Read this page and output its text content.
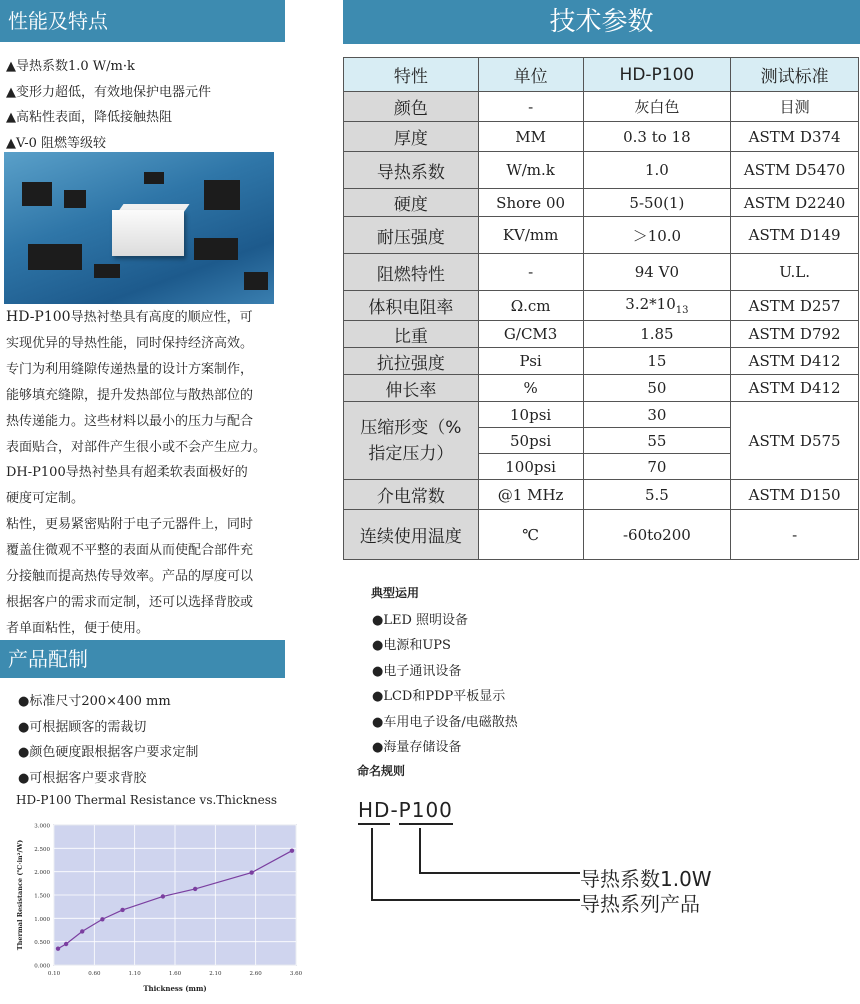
性能及特点
▲导热系数1.0 W/m·k
▲变形力超低，有效地保护电器元件
▲高粘性表面，降低接触热阻
▲V-0 阻燃等级较

HD-P100导热衬垫具有高度的顺应性，可

实现优异的导热性能，同时保持经济高效。

专门为利用缝隙传递热量的设计方案制作，

能够填充缝隙，提升发热部位与散热部位的

热传递能力。这些材料以最小的压力与配合

表面贴合，对部件产生很小或不会产生应力。

DH-P100导热衬垫具有超柔软表面极好的

硬度可定制。

粘性，更易紧密贴附于电子元器件上，同时

覆盖住微观不平整的表面从而使配合部件充

分接触而提高热传导效率。产品的厚度可以

根据客户的需求而定制，还可以选择背胶或

者单面粘性，便于使用。

产品配制
●标准尺寸200×400 mm
●可根据顾客的需裁切
●颜色硬度跟根据客户要求定制
●可根据客户要求背胶
HD-P100 Thermal Resistance vs.Thickness
0.000
0.500
1.000
1.500
2.000
2.500
3.000
0.10	0.60	1.10	1.60	2.10	2.60	3.60
Thickness (mm)
Thermal Resistance (℃·in²/W)
技术参数
特性	单位	HD-P100	测试标准
颜色	-	灰白色	目测
厚度	MM	0.3 to 18	ASTM D374
导热系数	W/m.k	1.0	ASTM D5470
硬度	Shore 00	5-50(1)	ASTM D2240
耐压强度	KV/mm	＞10.0	ASTM D149
阻燃特性	-	94 V0	U.L.
体积电阻率	Ω.cm	$3.2*10_{13}$	ASTM D257
比重	G/CM3	1.85	ASTM D792
抗拉强度	Psi	15	ASTM D412
伸长率	%	50	ASTM D412
压缩形变（%指定压力）	10psi	30	ASTM D575
	50psi	55	
	100psi	70	
介电常数	@1 MHz	5.5	ASTM D150
连续使用温度	℃	-60to200	-
典型运用
●LED 照明设备
●电源和UPS
●电子通讯设备
●LCD和PDP平板显示
●车用电子设备/电磁散热
●海量存储设备
命名规则
HD-P100
导热系数1.0W
导热系列产品
